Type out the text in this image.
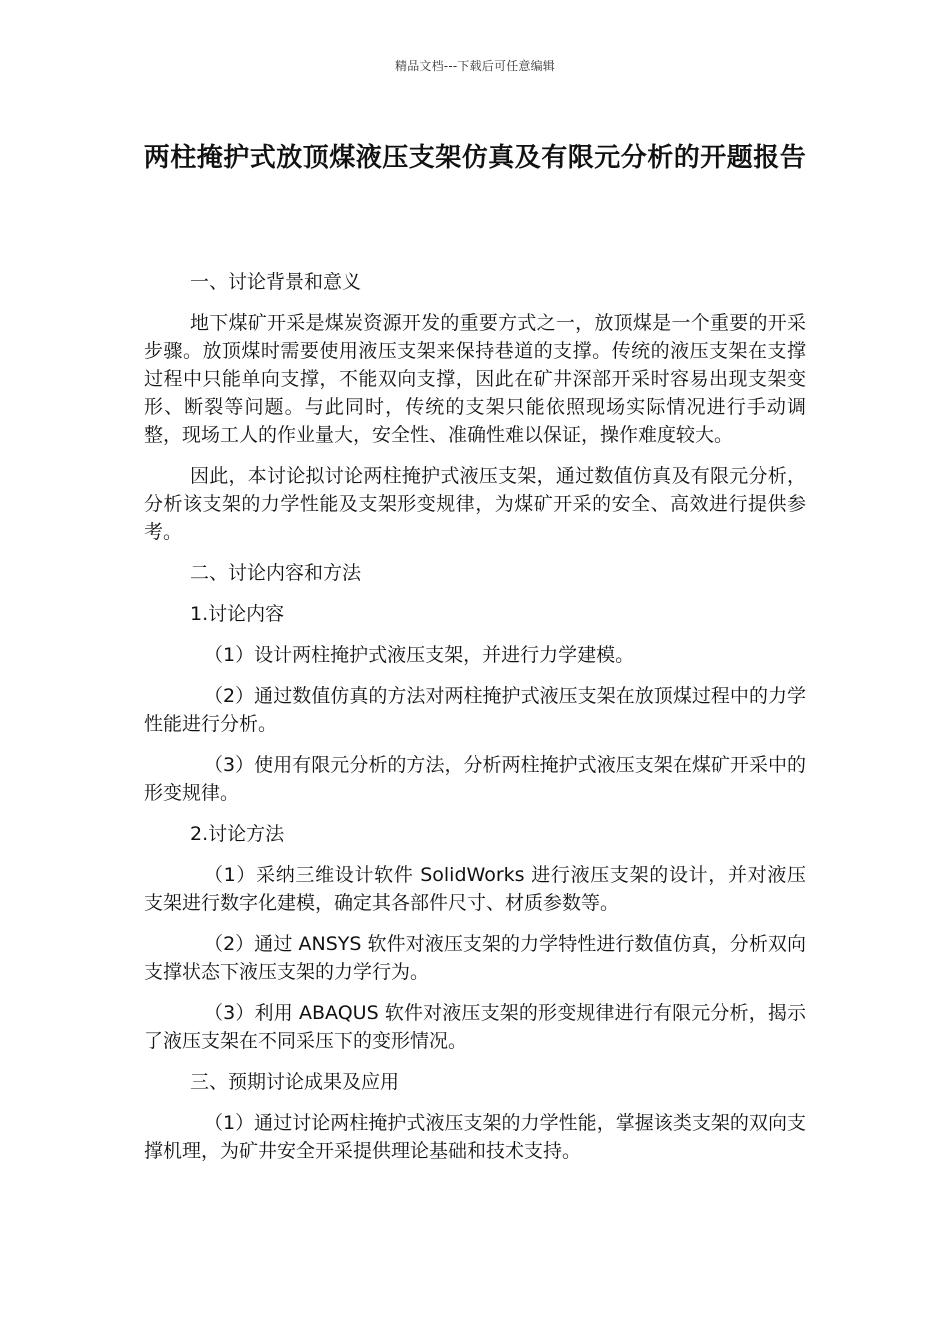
精品文档---下载后可任意编辑
两柱掩护式放顶煤液压支架仿真及有限元分析的开题报告

一、讨论背景和意义

地下煤矿开采是煤炭资源开发的重要方式之一，放顶煤是一个重要的开采步骤。放顶煤时需要使用液压支架来保持巷道的支撑。传统的液压支架在支撑过程中只能单向支撑，不能双向支撑，因此在矿井深部开采时容易出现支架变形、断裂等问题。与此同时，传统的支架只能依照现场实际情况进行手动调整，现场工人的作业量大，安全性、准确性难以保证，操作难度较大。

因此，本讨论拟讨论两柱掩护式液压支架，通过数值仿真及有限元分析，分析该支架的力学性能及支架形变规律，为煤矿开采的安全、高效进行提供参考。

二、讨论内容和方法

1.讨论内容

（1）设计两柱掩护式液压支架，并进行力学建模。

（2）通过数值仿真的方法对两柱掩护式液压支架在放顶煤过程中的力学性能进行分析。

（3）使用有限元分析的方法，分析两柱掩护式液压支架在煤矿开采中的形变规律。

2.讨论方法

（1）采纳三维设计软件 SolidWorks 进行液压支架的设计，并对液压支架进行数字化建模，确定其各部件尺寸、材质参数等。

（2）通过 ANSYS 软件对液压支架的力学特性进行数值仿真，分析双向支撑状态下液压支架的力学行为。

（3）利用 ABAQUS 软件对液压支架的形变规律进行有限元分析，揭示了液压支架在不同采压下的变形情况。

三、预期讨论成果及应用

（1）通过讨论两柱掩护式液压支架的力学性能，掌握该类支架的双向支撑机理，为矿井安全开采提供理论基础和技术支持。
